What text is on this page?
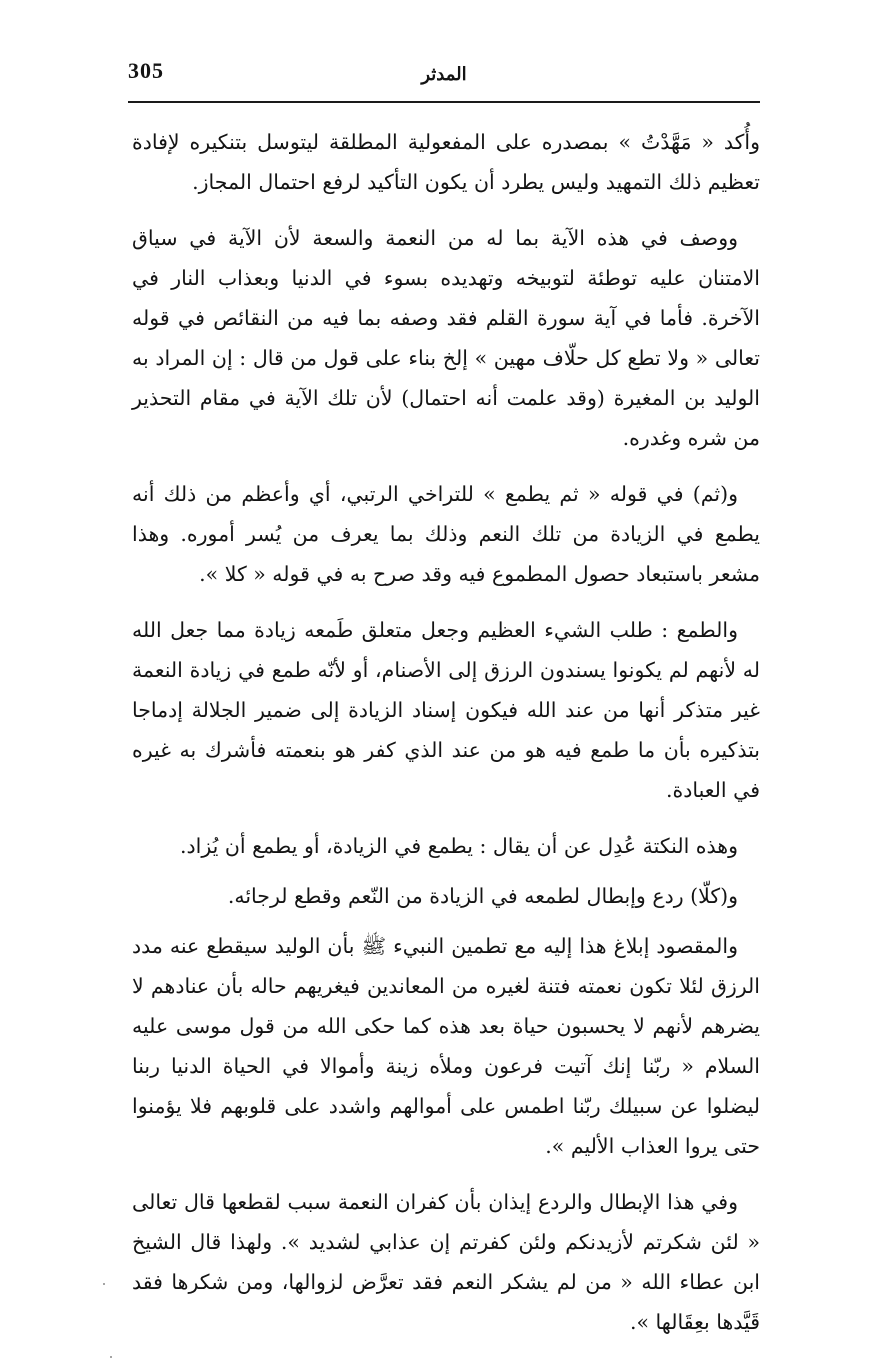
305	المدثر

وأُكد « مَهَّدْتُ » بمصدره على المفعولية المطلقة ليتوسل بتنكيره لإفادة تعظيم ذلك التمهيد وليس يطرد أن يكون التأكيد لرفع احتمال المجاز.

ووصف في هذه الآية بما له من النعمة والسعة لأن الآية في سياق الامتنان عليه توطئة لتوبيخه وتهديده بسوء في الدنيا وبعذاب النار في الآخرة. فأما في آية سورة القلم فقد وصفه بما فيه من النقائص في قوله تعالى « ولا تطع كل حلّاف مهين » إلخ بناء على قول من قال : إن المراد به الوليد بن المغيرة (وقد علمت أنه احتمال) لأن تلك الآية في مقام التحذير من شره وغدره.

و(ثم) في قوله « ثم يطمع » للتراخي الرتبي، أي وأعظم من ذلك أنه يطمع في الزيادة من تلك النعم وذلك بما يعرف من يُسر أموره. وهذا مشعر باستبعاد حصول المطموع فيه وقد صرح به في قوله « كلا ».

والطمع : طلب الشيء العظيم وجعل متعلق طَمعه زيادة مما جعل الله له لأنهم لم يكونوا يسندون الرزق إلى الأصنام، أو لأنّه طمع في زيادة النعمة غير متذكر أنها من عند الله فيكون إسناد الزيادة إلى ضمير الجلالة إدماجا بتذكيره بأن ما طمع فيه هو من عند الذي كفر هو بنعمته فأشرك به غيره في العبادة.

وهذه النكتة عُدِل عن أن يقال : يطمع في الزيادة، أو يطمع أن يُزاد.

و(كلّا) ردع وإبطال لطمعه في الزيادة من النّعم وقطع لرجائه.

والمقصود إبلاغ هذا إليه مع تطمين النبيء ﷺ بأن الوليد سيقطع عنه مدد الرزق لئلا تكون نعمته فتنة لغيره من المعاندين فيغريهم حاله بأن عنادهم لا يضرهم لأنهم لا يحسبون حياة بعد هذه كما حكى الله من قول موسى عليه السلام « ربّنا إنك آتيت فرعون وملأه زينة وأموالا في الحياة الدنيا ربنا ليضلوا عن سبيلك ربّنا اطمس على أموالهم واشدد على قلوبهم فلا يؤمنوا حتى يروا العذاب الأليم ».

وفي هذا الإبطال والردع إيذان بأن كفران النعمة سبب لقطعها قال تعالى « لئن شكرتم لأزيدنكم ولئن كفرتم إن عذابي لشديد ». ولهذا قال الشيخ ابن عطاء الله « من لم يشكر النعم فقد تعرَّض لزوالها، ومن شكرها فقد قَيَّدها بعِقَالها ».
